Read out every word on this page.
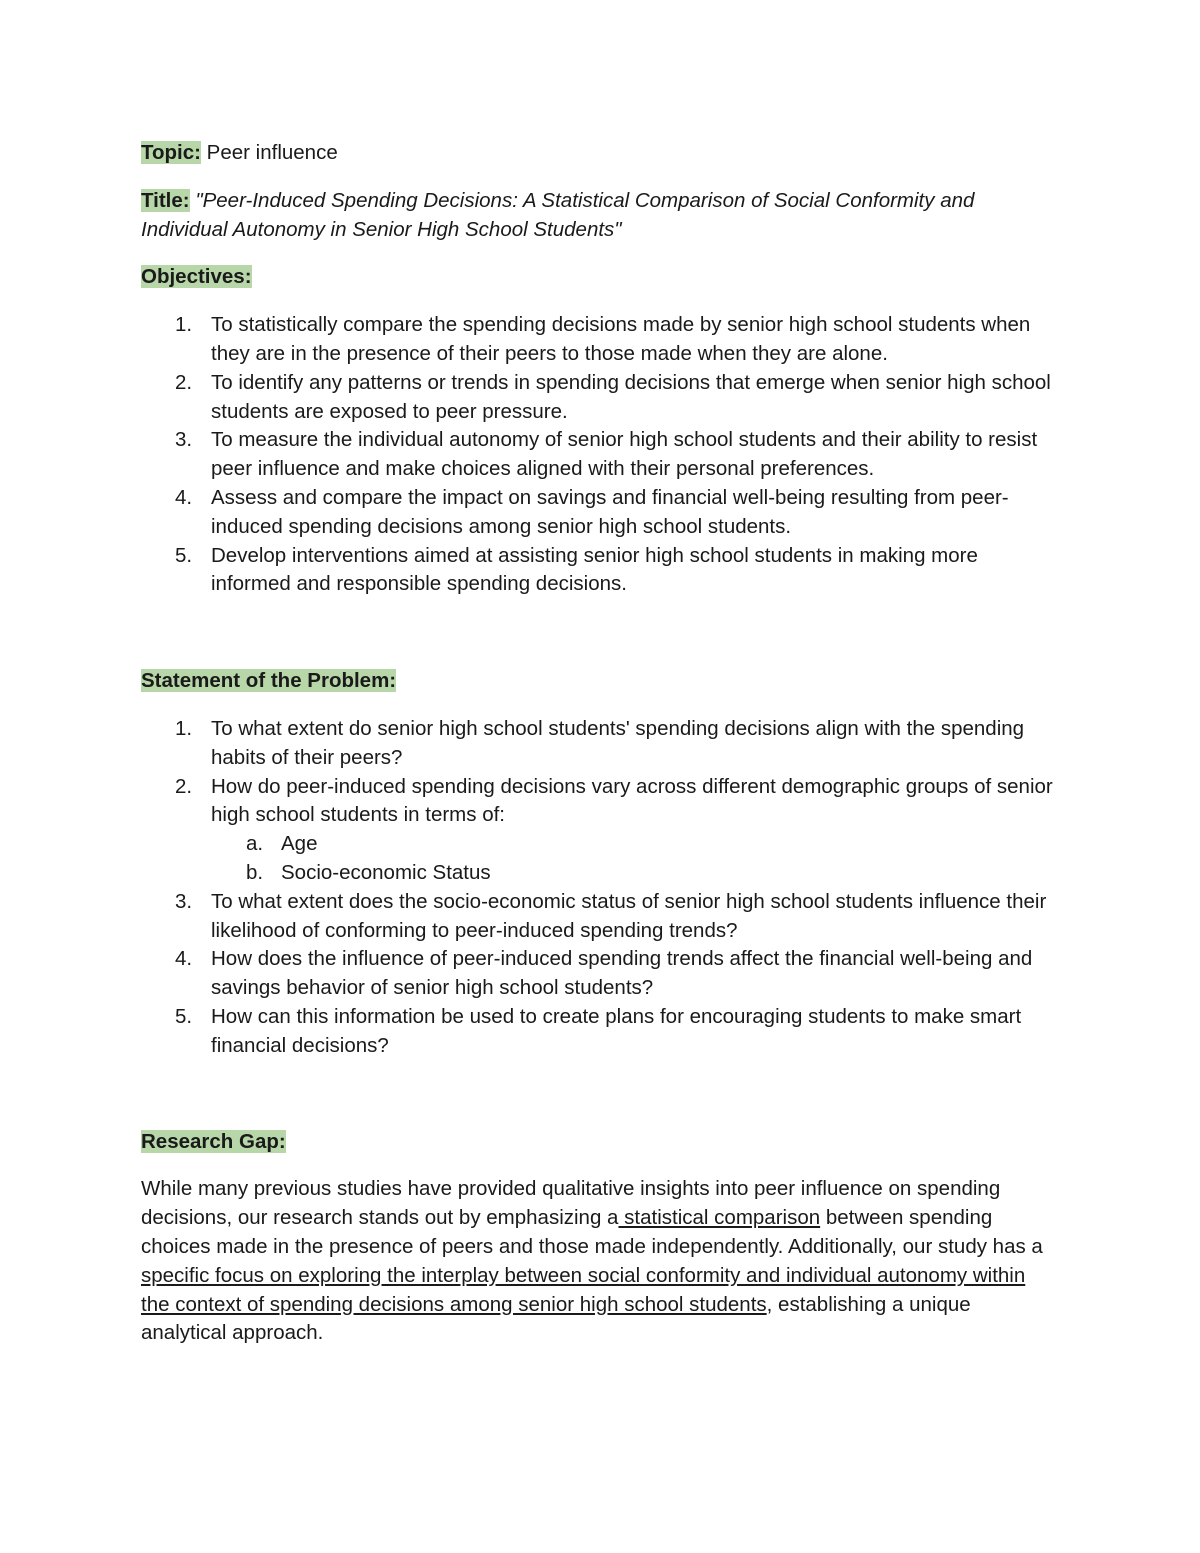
Topic: Peer influence

Title: "Peer-Induced Spending Decisions: A Statistical Comparison of Social Conformity and Individual Autonomy in Senior High School Students"

Objectives:

1. To statistically compare the spending decisions made by senior high school students when they are in the presence of their peers to those made when they are alone.
2. To identify any patterns or trends in spending decisions that emerge when senior high school students are exposed to peer pressure.
3. To measure the individual autonomy of senior high school students and their ability to resist peer influence and make choices aligned with their personal preferences.
4. Assess and compare the impact on savings and financial well-being resulting from peer-induced spending decisions among senior high school students.
5. Develop interventions aimed at assisting senior high school students in making more informed and responsible spending decisions.

Statement of the Problem:

1. To what extent do senior high school students' spending decisions align with the spending habits of their peers?
2. How do peer-induced spending decisions vary across different demographic groups of senior high school students in terms of:
a. Age
b. Socio-economic Status
3. To what extent does the socio-economic status of senior high school students influence their likelihood of conforming to peer-induced spending trends?
4. How does the influence of peer-induced spending trends affect the financial well-being and savings behavior of senior high school students?
5. How can this information be used to create plans for encouraging students to make smart financial decisions?

Research Gap:

While many previous studies have provided qualitative insights into peer influence on spending decisions, our research stands out by emphasizing a statistical comparison between spending choices made in the presence of peers and those made independently. Additionally, our study has a specific focus on exploring the interplay between social conformity and individual autonomy within the context of spending decisions among senior high school students, establishing a unique analytical approach.
